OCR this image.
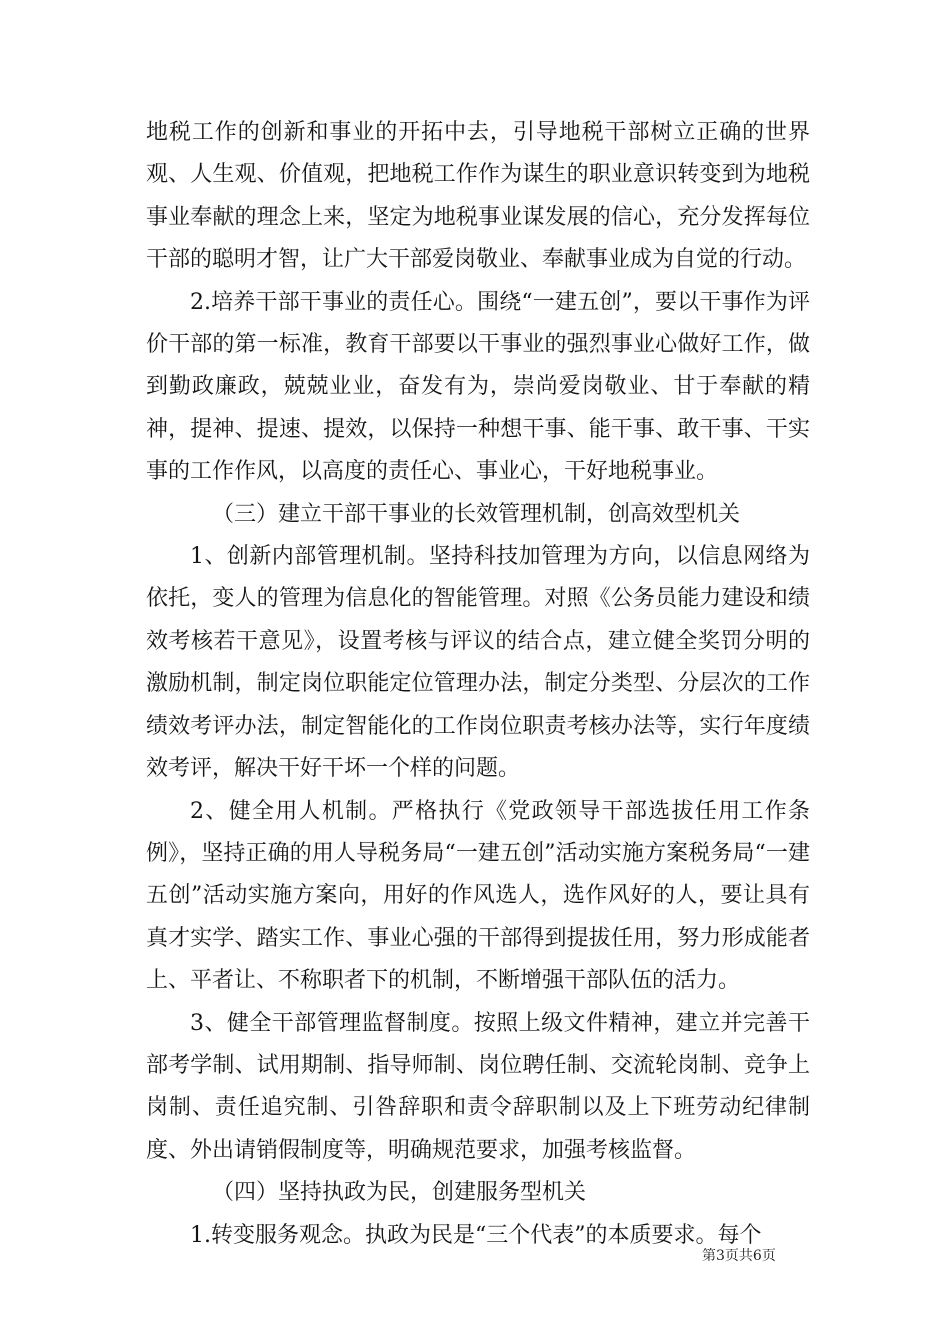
地税工作的创新和事业的开拓中去，引导地税干部树立正确的世界观、人生观、价值观，把地税工作作为谋生的职业意识转变到为地税事业奉献的理念上来，坚定为地税事业谋发展的信心，充分发挥每位干部的聪明才智，让广大干部爱岗敬业、奉献事业成为自觉的行动。

2.培养干部干事业的责任心。围绕“一建五创”，要以干事作为评价干部的第一标准，教育干部要以干事业的强烈事业心做好工作，做到勤政廉政，兢兢业业，奋发有为，崇尚爱岗敬业、甘于奉献的精神，提神、提速、提效，以保持一种想干事、能干事、敢干事、干实事的工作作风，以高度的责任心、事业心，干好地税事业。

（三）建立干部干事业的长效管理机制，创高效型机关

1、创新内部管理机制。坚持科技加管理为方向，以信息网络为依托，变人的管理为信息化的智能管理。对照《公务员能力建设和绩效考核若干意见》，设置考核与评议的结合点，建立健全奖罚分明的激励机制，制定岗位职能定位管理办法，制定分类型、分层次的工作绩效考评办法，制定智能化的工作岗位职责考核办法等，实行年度绩效考评，解决干好干坏一个样的问题。

2、健全用人机制。严格执行《党政领导干部选拔任用工作条例》，坚持正确的用人导税务局“一建五创”活动实施方案税务局“一建五创”活动实施方案向，用好的作风选人，选作风好的人，要让具有真才实学、踏实工作、事业心强的干部得到提拔任用，努力形成能者上、平者让、不称职者下的机制，不断增强干部队伍的活力。

3、健全干部管理监督制度。按照上级文件精神，建立并完善干部考学制、试用期制、指导师制、岗位聘任制、交流轮岗制、竞争上岗制、责任追究制、引咎辞职和责令辞职制以及上下班劳动纪律制度、外出请销假制度等，明确规范要求，加强考核监督。

（四）坚持执政为民，创建服务型机关

1.转变服务观念。执政为民是“三个代表”的本质要求。每个

第3页共6页
